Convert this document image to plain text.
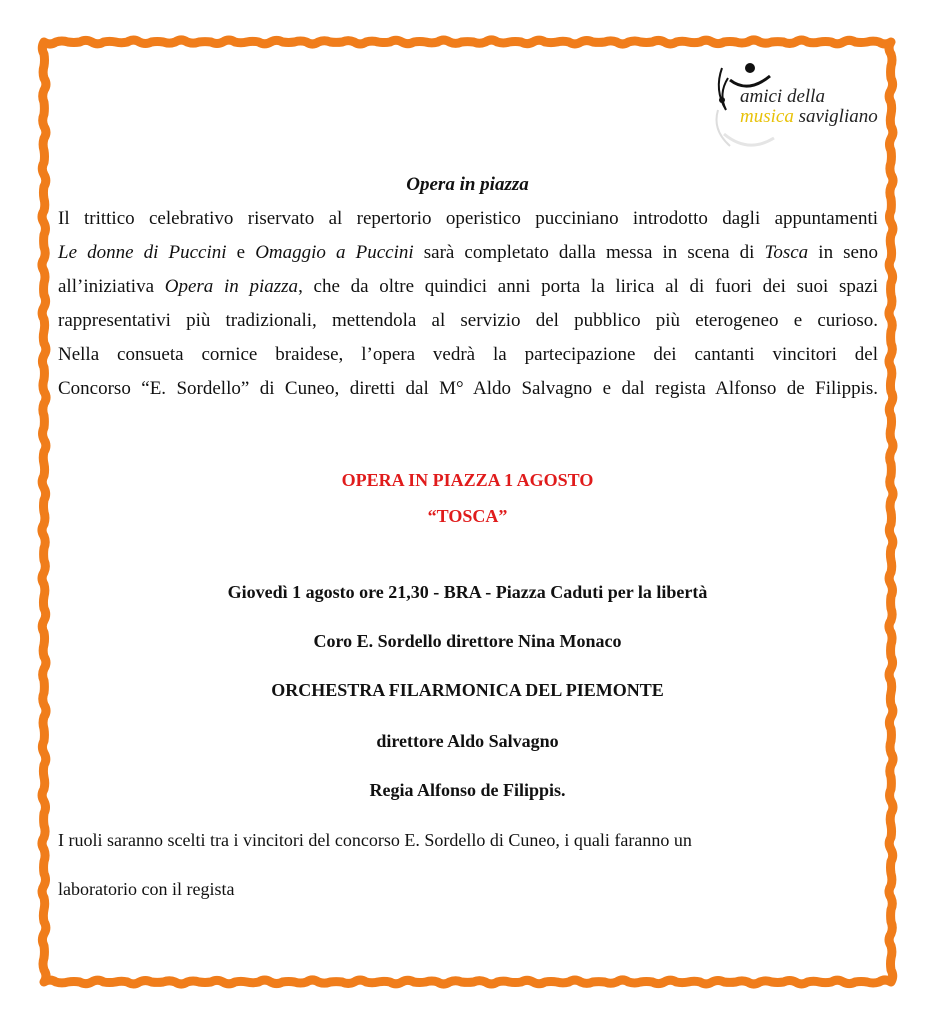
amici della
musica savigliano
Opera in piazza
Il trittico celebrativo riservato al repertorio operistico pucciniano introdotto dagli appuntamenti
Le donne di Puccini e Omaggio a Puccini sarà completato dalla messa in scena di Tosca in seno
all’iniziativa Opera in piazza, che da oltre quindici anni porta la lirica al di fuori dei suoi spazi
rappresentativi più tradizionali, mettendola al servizio del pubblico più eterogeneo e curioso.
Nella consueta cornice braidese, l’opera vedrà la partecipazione dei cantanti vincitori del
Concorso “E. Sordello” di Cuneo, diretti dal M° Aldo Salvagno e dal regista Alfonso de Filippis.
OPERA IN PIAZZA 1 AGOSTO
“TOSCA”
Giovedì 1 agosto ore 21,30 - BRA - Piazza Caduti per la libertà
Coro E. Sordello direttore Nina Monaco
ORCHESTRA FILARMONICA DEL PIEMONTE
direttore Aldo Salvagno
Regia Alfonso de Filippis.
I ruoli saranno scelti tra i vincitori del concorso E. Sordello di Cuneo, i quali faranno un
laboratorio con il regista
